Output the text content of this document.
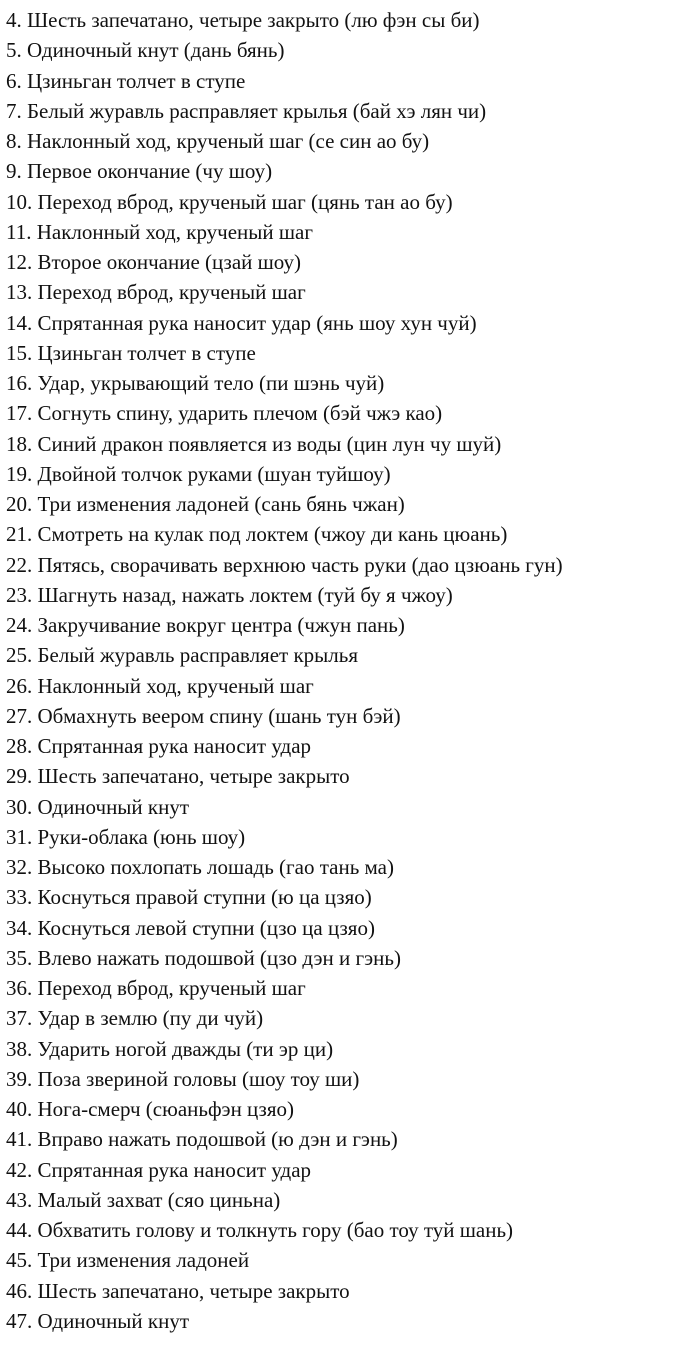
4. Шесть запечатано, четыре закрыто (лю фэн сы би)
5. Одиночный кнут (дань бянь)
6. Цзиньган толчет в ступе
7. Белый журавль расправляет крылья (бай хэ лян чи)
8. Наклонный ход, крученый шаг (се син ао бу)
9. Первое окончание (чу шоу)
10. Переход вброд, крученый шаг (цянь тан ао бу)
11. Наклонный ход, крученый шаг
12. Второе окончание (цзай шоу)
13. Переход вброд, крученый шаг
14. Спрятанная рука наносит удар (янь шоу хун чуй)
15. Цзиньган толчет в ступе
16. Удар, укрывающий тело (пи шэнь чуй)
17. Согнуть спину, ударить плечом (бэй чжэ као)
18. Синий дракон появляется из воды (цин лун чу шуй)
19. Двойной толчок руками (шуан туйшоу)
20. Три изменения ладоней (сань бянь чжан)
21. Смотреть на кулак под локтем (чжоу ди кань цюань)
22. Пятясь, сворачивать верхнюю часть руки (дао цзюань гун)
23. Шагнуть назад, нажать локтем (туй бу я чжоу)
24. Закручивание вокруг центра (чжун пань)
25. Белый журавль расправляет крылья
26. Наклонный ход, крученый шаг
27. Обмахнуть веером спину (шань тун бэй)
28. Спрятанная рука наносит удар
29. Шесть запечатано, четыре закрыто
30. Одиночный кнут
31. Руки-облака (юнь шоу)
32. Высоко похлопать лошадь (гао тань ма)
33. Коснуться правой ступни (ю ца цзяо)
34. Коснуться левой ступни (цзо ца цзяо)
35. Влево нажать подошвой (цзо дэн и гэнь)
36. Переход вброд, крученый шаг
37. Удар в землю (пу ди чуй)
38. Ударить ногой дважды (ти эр ци)
39. Поза звериной головы (шоу тоу ши)
40. Нога-смерч (сюаньфэн цзяо)
41. Вправо нажать подошвой (ю дэн и гэнь)
42. Спрятанная рука наносит удар
43. Малый захват (сяо циньна)
44. Обхватить голову и толкнуть гору (бао тоу туй шань)
45. Три изменения ладоней
46. Шесть запечатано, четыре закрыто
47. Одиночный кнут
